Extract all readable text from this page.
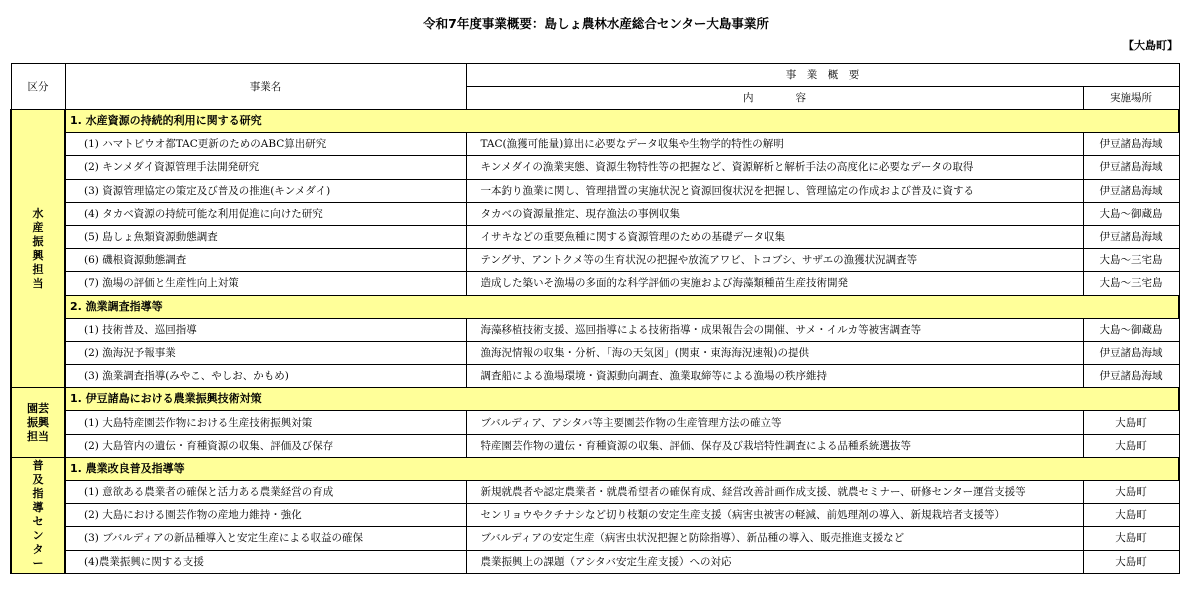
令和7年度事業概要：島しょ農林水産総合センター大島事業所
【大島町】
区分	事業名	事　業　概　要	
		内　　　　容	実施場所
水産振興担当	1. 水産資源の持続的利用に関する研究		
	(1) ハマトビウオ都TAC更新のためのABC算出研究	TAC(漁獲可能量)算出に必要なデータ収集や生物学的特性の解明	伊豆諸島海域
	(2) キンメダイ資源管理手法開発研究	キンメダイの漁業実態、資源生物特性等の把握など、資源解析と解析手法の高度化に必要なデータの取得	伊豆諸島海域
	(3) 資源管理協定の策定及び普及の推進(キンメダイ)	一本釣り漁業に関し、管理措置の実施状況と資源回復状況を把握し、管理協定の作成および普及に資する	伊豆諸島海域
	(4) タカベ資源の持続可能な利用促進に向けた研究	タカベの資源量推定、現存漁法の事例収集	大島～御蔵島
	(5) 島しょ魚類資源動態調査	イサキなどの重要魚種に関する資源管理のための基礎データ収集	伊豆諸島海域
	(6) 磯根資源動態調査	テングサ、アントクメ等の生育状況の把握や放流アワビ、トコブシ、サザエの漁獲状況調査等	大島～三宅島
	(7) 漁場の評価と生産性向上対策	造成した築いそ漁場の多面的な科学評価の実施および海藻類種苗生産技術開発	大島～三宅島
	2. 漁業調査指導等		
	(1) 技術普及、巡回指導	海藻移植技術支援、巡回指導による技術指導・成果報告会の開催、サメ・イルカ等被害調査等	大島～御蔵島
	(2) 漁海況予報事業	漁海況情報の収集・分析、「海の天気図」(関東・東海海況速報)の提供	伊豆諸島海域
	(3) 漁業調査指導(みやこ、やしお、かもめ)	調査船による漁場環境・資源動向調査、漁業取締等による漁場の秩序維持	伊豆諸島海域
園芸振興担当	1. 伊豆諸島における農業振興技術対策		
	(1) 大島特産園芸作物における生産技術振興対策	ブバルディア、アシタバ等主要園芸作物の生産管理方法の確立等	大島町
	(2) 大島管内の遺伝・育種資源の収集、評価及び保存	特産園芸作物の遺伝・育種資源の収集、評価、保存及び栽培特性調査による品種系統選抜等	大島町
普及指導センター	1. 農業改良普及指導等		
	(1) 意欲ある農業者の確保と活力ある農業経営の育成	新規就農者や認定農業者・就農希望者の確保育成、経営改善計画作成支援、就農セミナー、研修センター運営支援等	大島町
	(2) 大島における園芸作物の産地力維持・強化	センリョウやクチナシなど切り枝類の安定生産支援（病害虫被害の軽減、前処理剤の導入、新規栽培者支援等）	大島町
	(3) ブバルディアの新品種導入と安定生産による収益の確保	ブバルディアの安定生産（病害虫状況把握と防除指導）、新品種の導入、販売推進支援など	大島町
	(4)農業振興に関する支援	農業振興上の課題（アシタバ安定生産支援）への対応	大島町
